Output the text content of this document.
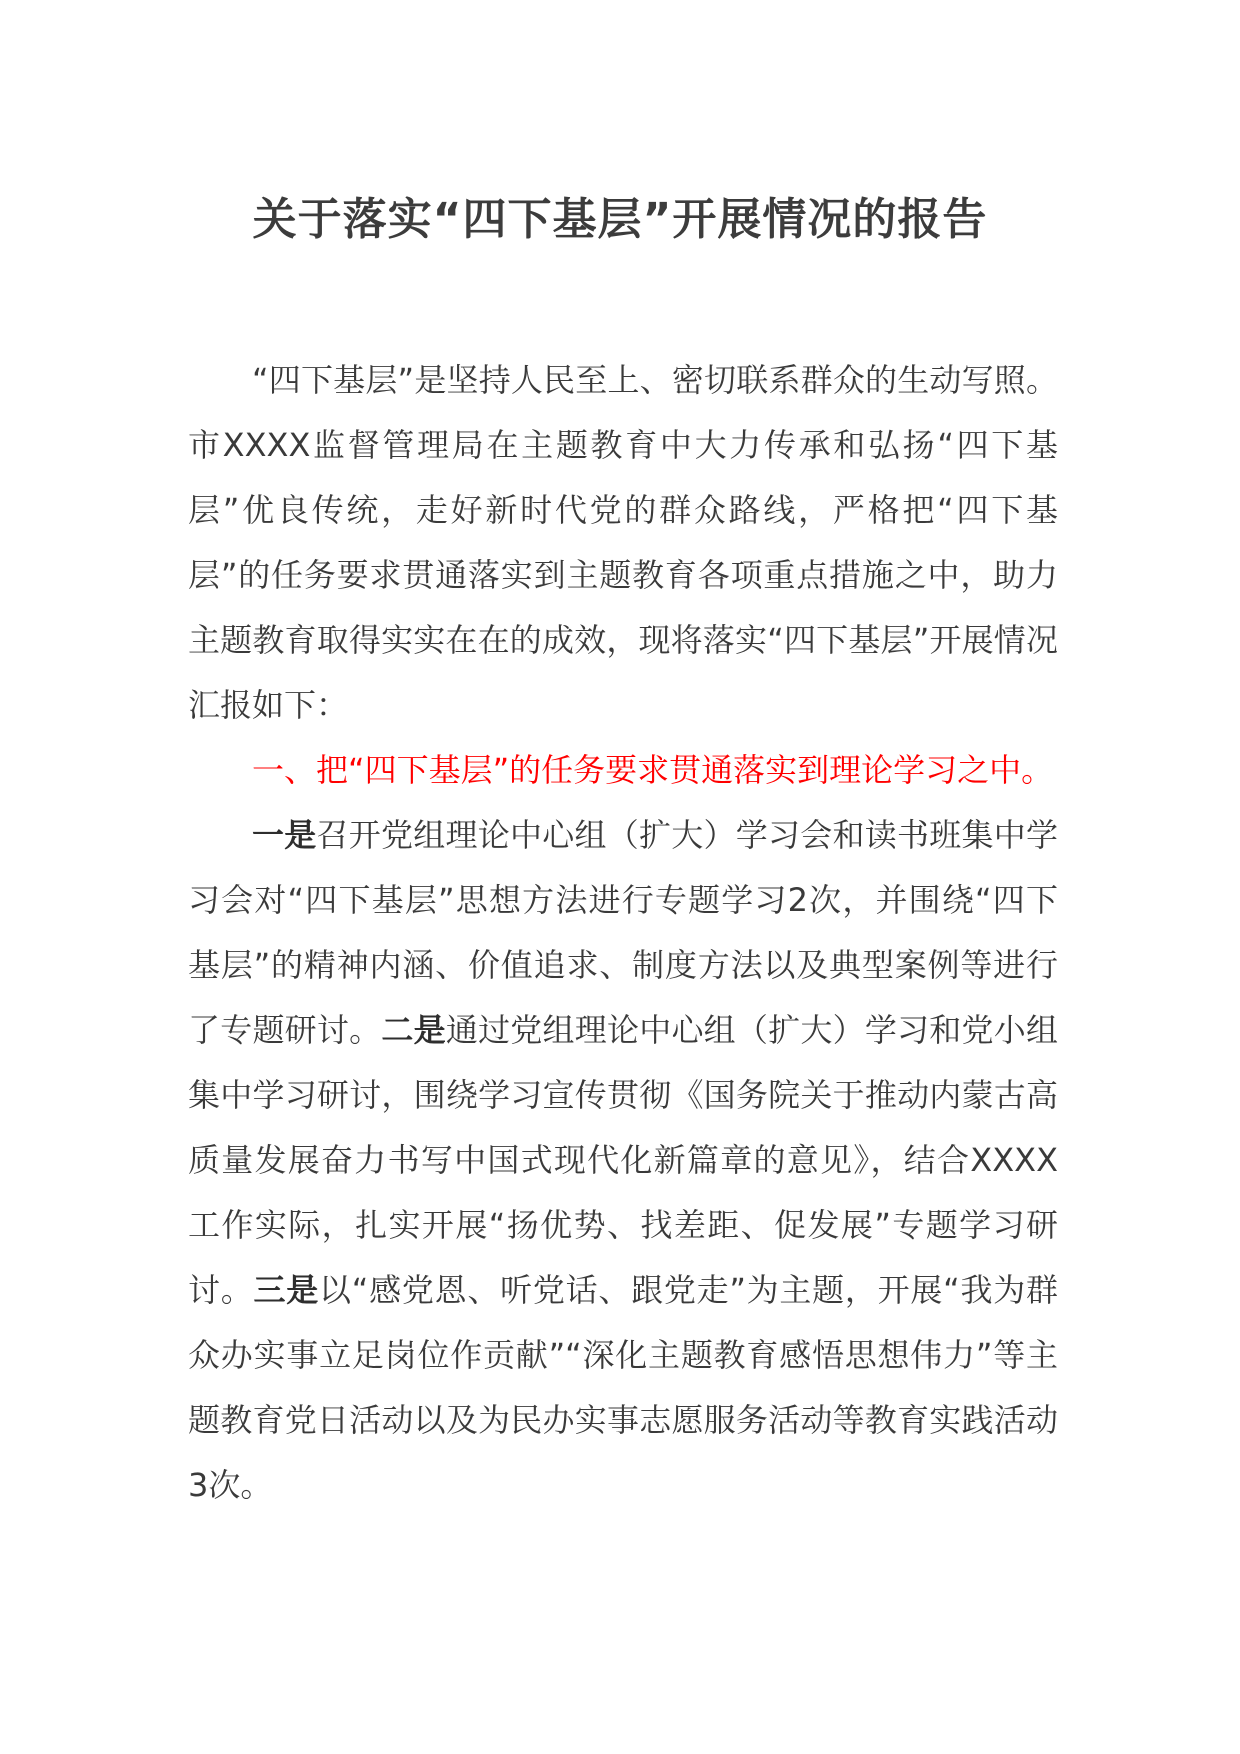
关于落实“四下基层”开展情况的报告

“四下基层”是坚持人民至上、密切联系群众的生动写照。市XXXX监督管理局在主题教育中大力传承和弘扬“四下基层”优良传统，走好新时代党的群众路线，严格把“四下基层”的任务要求贯通落实到主题教育各项重点措施之中，助力主题教育取得实实在在的成效，现将落实“四下基层”开展情况汇报如下：

一、把“四下基层”的任务要求贯通落实到理论学习之中。

一是召开党组理论中心组（扩大）学习会和读书班集中学习会对“四下基层”思想方法进行专题学习2次，并围绕“四下基层”的精神内涵、价值追求、制度方法以及典型案例等进行了专题研讨。二是通过党组理论中心组（扩大）学习和党小组集中学习研讨，围绕学习宣传贯彻《国务院关于推动内蒙古高质量发展奋力书写中国式现代化新篇章的意见》，结合XXXX工作实际，扎实开展“扬优势、找差距、促发展”专题学习研讨。三是以“感党恩、听党话、跟党走”为主题，开展“我为群众办实事立足岗位作贡献”“深化主题教育感悟思想伟力”等主题教育党日活动以及为民办实事志愿服务活动等教育实践活动3次。
